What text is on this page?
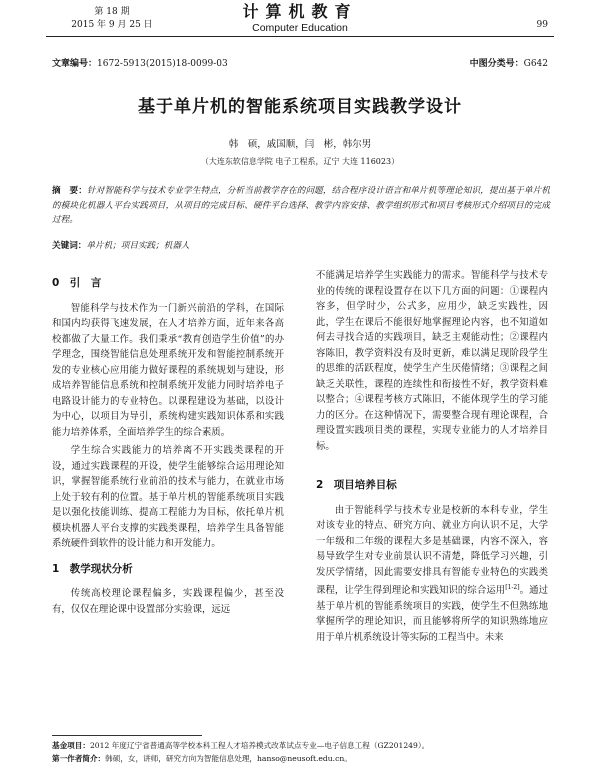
第 18 期
2015 年 9 月 25 日
计算机教育
Computer Education	99
文章编号：1672-5913(2015)18-0099-03	中图分类号：G642
基于单片机的智能系统项目实践教学设计
韩　硕，戚国顺，闫　彬，韩尔男
（大连东软信息学院 电子工程系，辽宁 大连 116023）
摘　要：针对智能科学与技术专业学生特点，分析当前教学存在的问题，结合程序设计语言和单片机等理论知识，提出基于单片机的模块化机器人平台实践项目，从项目的完成目标、硬件平台选择、教学内容安排、教学组织形式和项目考核形式介绍项目的完成过程。
关键词：单片机；项目实践；机器人
0　引　言

智能科学与技术作为一门新兴前沿的学科，在国际和国内均获得飞速发展，在人才培养方面，近年来各高校都做了大量工作。我们秉承“教育创造学生价值”的办学理念，围绕智能信息处理系统开发和智能控制系统开发的专业核心应用能力做好课程的系统规划与建设，形成培养智能信息系统和控制系统开发能力同时培养电子电路设计能力的专业特色。以课程建设为基础，以设计为中心，以项目为导引，系统构建实践知识体系和实践能力培养体系，全面培养学生的综合素质。

学生综合实践能力的培养离不开实践类课程的开设，通过实践课程的开设，使学生能够综合运用理论知识，掌握智能系统行业前沿的技术与能力，在就业市场上处于较有利的位置。基于单片机的智能系统项目实践是以强化技能训练、提高工程能力为目标，依托单片机模块机器人平台支撑的实践类课程，培养学生具备智能系统硬件到软件的设计能力和开发能力。

1　教学现状分析

传统高校理论课程偏多，实践课程偏少，甚至没有，仅仅在理论课中设置部分实验课，远远

不能满足培养学生实践能力的需求。智能科学与技术专业的传统的课程设置存在以下几方面的问题：①课程内容多，但学时少，公式多，应用少，缺乏实践性，因此，学生在课后不能很好地掌握理论内容，也不知道如何去寻找合适的实践项目，缺乏主观能动性；②课程内容陈旧，教学资料没有及时更新，难以满足现阶段学生的思维的活跃程度，使学生产生厌倦情绪；③课程之间缺乏关联性，课程的连续性和衔接性不好，教学资料难以整合；④课程考核方式陈旧，不能体现学生的学习能力的区分。在这种情况下，需要整合现有理论课程，合理设置实践项目类的课程，实现专业能力的人才培养目标。

2　项目培养目标

由于智能科学与技术专业是校新的本科专业，学生对该专业的特点、研究方向、就业方向认识不足，大学一年级和二年级的课程大多是基础课，内容不深入，容易导致学生对专业前景认识不清楚，降低学习兴趣，引发厌学情绪，因此需要安排具有智能专业特色的实践类课程，让学生得到理论和实践知识的综合运用[1-2]。通过基于单片机的智能系统项目的实践，使学生不但熟练地掌握所学的理论知识，而且能够将所学的知识熟练地应用于单片机系统设计等实际的工程当中。未来

基金项目：2012 年度辽宁省普通高等学校本科工程人才培养模式改革试点专业—电子信息工程（GZ201249）。
第一作者简介：韩硕，女，讲师，研究方向为智能信息处理，hanso@neusoft.edu.cn。
